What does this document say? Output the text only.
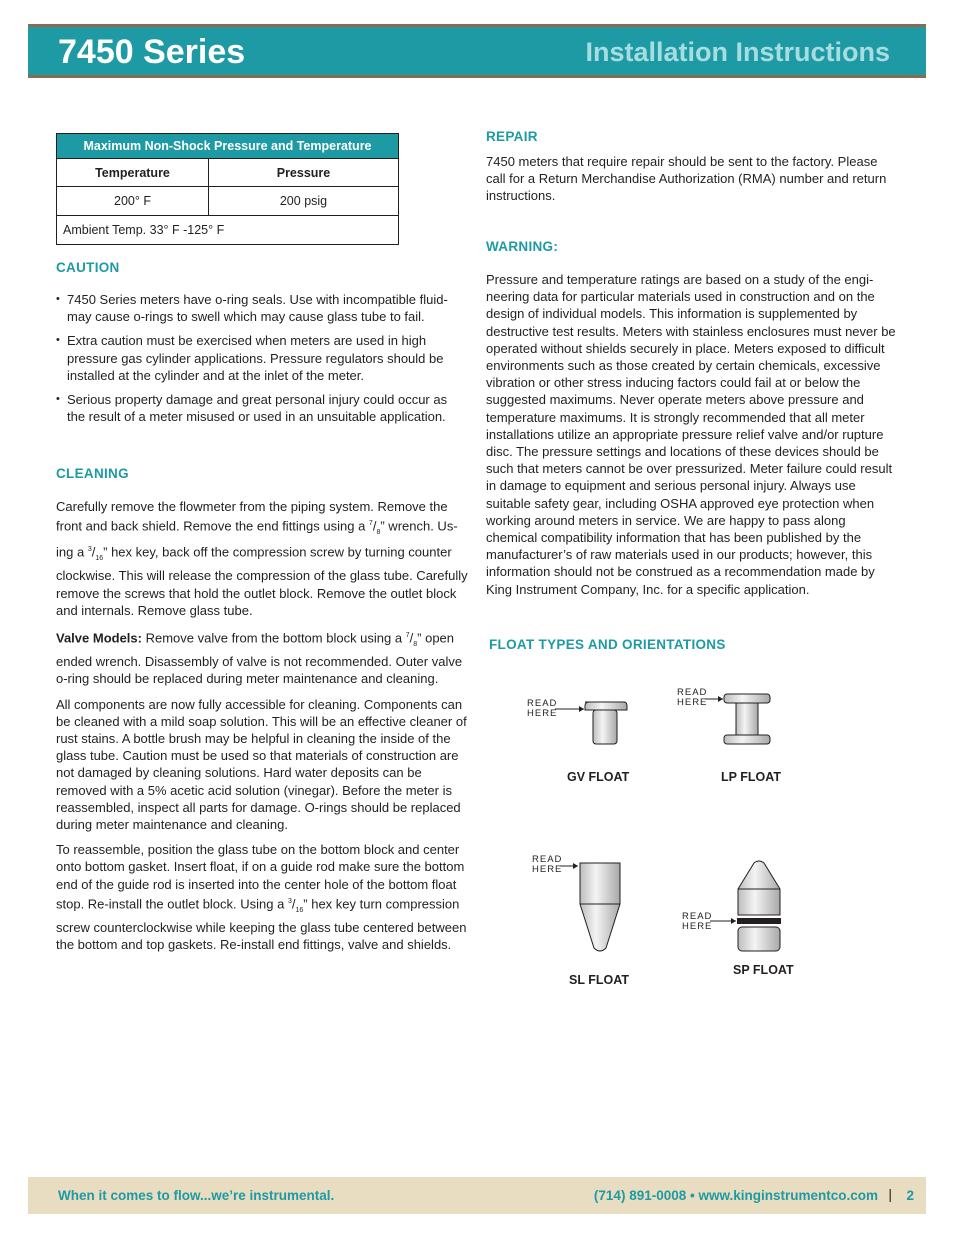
7450 Series	Installation Instructions
Maximum Non-Shock Pressure and Temperature	
Temperature	Pressure
200° F	200 psig
Ambient Temp. 33° F -125° F	
CAUTION
• 7450 Series meters have o-ring seals. Use with incompatible fluid-may cause o-rings to swell which may cause glass tube to fail.
• Extra caution must be exercised when meters are used in high pressure gas cylinder applications. Pressure regulators should be installed at the cylinder and at the inlet of the meter.
• Serious property damage and great personal injury could occur as the result of a meter misused or used in an unsuitable application.
CLEANING

Carefully remove the flowmeter from the piping system. Remove the front and back shield. Remove the end fittings using a $^7/_8$” wrench. Us-ing a $^3/_{16}$” hex key, back off the compression screw by turning counter clockwise. This will release the compression of the glass tube. Carefully remove the screws that hold the outlet block. Remove the outlet block and internals. Remove glass tube.

Valve Models: Remove valve from the bottom block using a $^7/_8$” open ended wrench. Disassembly of valve is not recommended. Outer valve o-ring should be replaced during meter maintenance and cleaning.

All components are now fully accessible for cleaning. Components can be cleaned with a mild soap solution. This will be an effective cleaner of rust stains. A bottle brush may be helpful in cleaning the inside of the glass tube. Caution must be used so that materials of construction are not damaged by cleaning solutions. Hard water deposits can be removed with a 5% acetic acid solution (vinegar). Before the meter is reassembled, inspect all parts for damage. O-rings should be replaced during meter maintenance and cleaning.

To reassemble, position the glass tube on the bottom block and center onto bottom gasket. Insert float, if on a guide rod make sure the bottom end of the guide rod is inserted into the center hole of the bottom float stop. Re-install the outlet block. Using a $^3/_{16}$” hex key turn compression screw counterclockwise while keeping the glass tube centered between the bottom and top gaskets. Re-install end fittings, valve and shields.

REPAIR
7450 meters that require repair should be sent to the factory. Please call for a Return Merchandise Authorization (RMA) number and return instructions.
WARNING:
Pressure and temperature ratings are based on a study of the engi-neering data for particular materials used in construction and on the design of individual models. This information is supplemented by destructive test results. Meters with stainless enclosures must never be operated without shields securely in place. Meters exposed to difficult environments such as those created by certain chemicals, excessive vibration or other stress inducing factors could fail at or below the suggested maximums. Never operate meters above pressure and temperature maximums. It is strongly recommended that all meter installations utilize an appropriate pressure relief valve and/or rupture disc. The pressure settings and locations of these devices should be such that meters cannot be over pressurized. Meter failure could result in damage to equipment and serious personal injury. Always use suitable safety gear, including OSHA approved eye protection when working around meters in service. We are happy to pass along chemical compatibility information that has been published by the manufacturer’s of raw materials used in our products; however, this information should not be construed as a recommendation made by King Instrument Company, Inc. for a specific application.
FLOAT TYPES AND ORIENTATIONS
READ
HERE
GV FLOAT
READ
HERE
LP FLOAT
READ
HERE
SL FLOAT
READ
HERE
SP FLOAT
When it comes to flow...we’re instrumental.	(714) 891-0008 • www.kinginstrumentco.com | 2
